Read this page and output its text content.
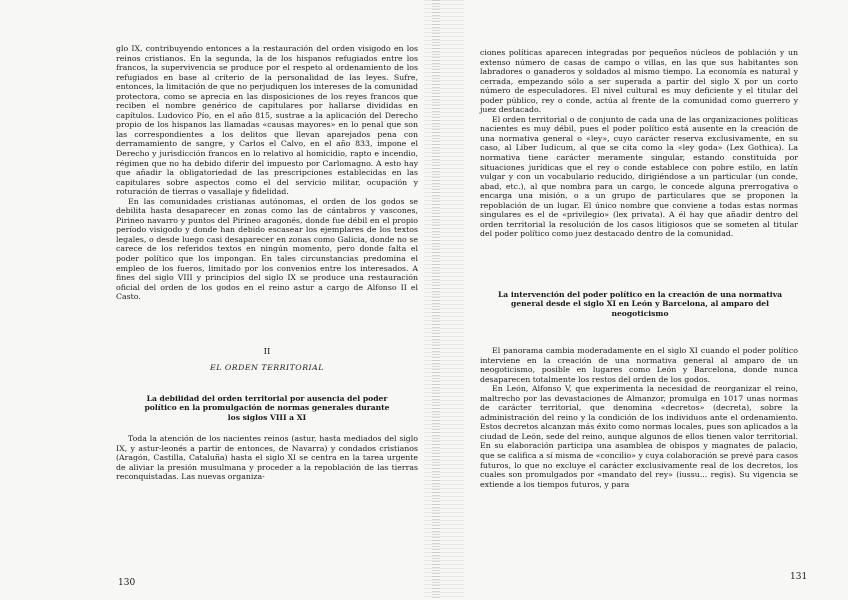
glo IX, contribuyendo entonces a la restauración del orden visigodo en los reinos cristianos. En la segunda, la de los hispanos refugiados entre los francos, la supervivencia se produce por el respeto al ordenamiento de los refugiados en base al criterio de la personalidad de las leyes. Sufre, entonces, la limitación de que no perjudiquen los intereses de la comunidad protectora, como se aprecia en las disposiciones de los reyes francos que reciben el nombre genérico de capitulares por hallarse divididas en capítulos. Ludovico Pío, en el año 815, sustrae a la aplicación del Derecho propio de los hispanos las llamadas «causas mayores» en lo penal que son las correspondientes a los delitos que llevan aparejados pena con derramamiento de sangre, y Carlos el Calvo, en el año 833, impone el Derecho y jurisdicción francos en lo relativo al homicidio, rapto e incendio, régimen que no ha debido diferir del impuesto por Carlomagno. A esto hay que añadir la obligatoriedad de las prescripciones establecidas en las capitulares sobre aspectos como el del servicio militar, ocupación y roturación de tierras o vasallaje y fidelidad.

En las comunidades cristianas autónomas, el orden de los godos se debilita hasta desaparecer en zonas como las de cántabros y vascones, Pirineo navarro y puntos del Pirineo aragonés, donde fue débil en el propio período visigodo y donde han debido escasear los ejemplares de los textos legales, o desde luego casi desaparecer en zonas como Galicia, donde no se carece de los referidos textos en ningún momento, pero donde falta el poder político que los impongan. En tales circunstancias predomina el empleo de los fueros, limitado por los convenios entre los interesados. A fines del siglo VIII y principios del siglo IX se produce una restauración oficial del orden de los godos en el reino astur a cargo de Alfonso II el Casto.

II
EL ORDEN TERRITORIAL
La debilidad del orden territorial por ausencia del poder político en la promulgación de normas generales durante los siglos VIII a XI

Toda la atención de los nacientes reinos (astur, hasta mediados del siglo IX, y astur-leonés a partir de entonces, de Navarra) y condados cristianos (Aragón, Castilla, Cataluña) hasta el siglo XI se centra en la tarea urgente de aliviar la presión musulmana y proceder a la repoblación de las tierras reconquistadas. Las nuevas organiza-

130

ciones políticas aparecen integradas por pequeños núcleos de población y un extenso número de casas de campo o villas, en las que sus habitantes son labradores o ganaderos y soldados al mismo tiempo. La economía es natural y cerrada, empezando sólo a ser superada a partir del siglo X por un corto número de especuladores. El nivel cultural es muy deficiente y el titular del poder público, rey o conde, actúa al frente de la comunidad como guerrero y juez destacado.

El orden territorial o de conjunto de cada una de las organizaciones políticas nacientes es muy débil, pues el poder político está ausente en la creación de una normativa general o «ley», cuyo carácter reserva exclusivamente, en su caso, al Liber Iudicum, al que se cita como la «ley goda» (Lex Gothica). La normativa tiene carácter meramente singular, estando constituida por situaciones jurídicas que el rey o conde establece con pobre estilo, en latín vulgar y con un vocabulario reducido, dirigiéndose a un particular (un conde, abad, etc.), al que nombra para un cargo, le concede alguna prerrogativa o encarga una misión, o a un grupo de particulares que se proponen la repoblación de un lugar. El único nombre que conviene a todas estas normas singulares es el de «privilegio» (lex privata). A él hay que añadir dentro del orden territorial la resolución de los casos litigiosos que se someten al titular del poder político como juez destacado dentro de la comunidad.

La intervención del poder político en la creación de una normativa general desde el siglo XI en León y Barcelona, al amparo del neogoticismo

El panorama cambia moderadamente en el siglo XI cuando el poder político interviene en la creación de una normativa general al amparo de un neogoticismo, posible en lugares como León y Barcelona, donde nunca desaparecen totalmente los restos del orden de los godos.

En León, Alfonso V, que experimenta la necesidad de reorganizar el reino, maltrecho por las devastaciones de Almanzor, promulga en 1017 unas normas de carácter territorial, que denomina «decretos» (decreta), sobre la administración del reino y la condición de los individuos ante el ordenamiento. Estos decretos alcanzan más éxito como normas locales, pues son aplicados a la ciudad de León, sede del reino, aunque algunos de ellos tienen valor territorial. En su elaboración participa una asamblea de obispos y magnates de palacio, que se califica a sí misma de «concilio» y cuya colaboración se prevé para casos futuros, lo que no excluye el carácter exclusivamente real de los decretos, los cuales son promulgados por «mandato del rey» (iussu... regis). Su vigencia se extiende a los tiempos futuros, y para

131
